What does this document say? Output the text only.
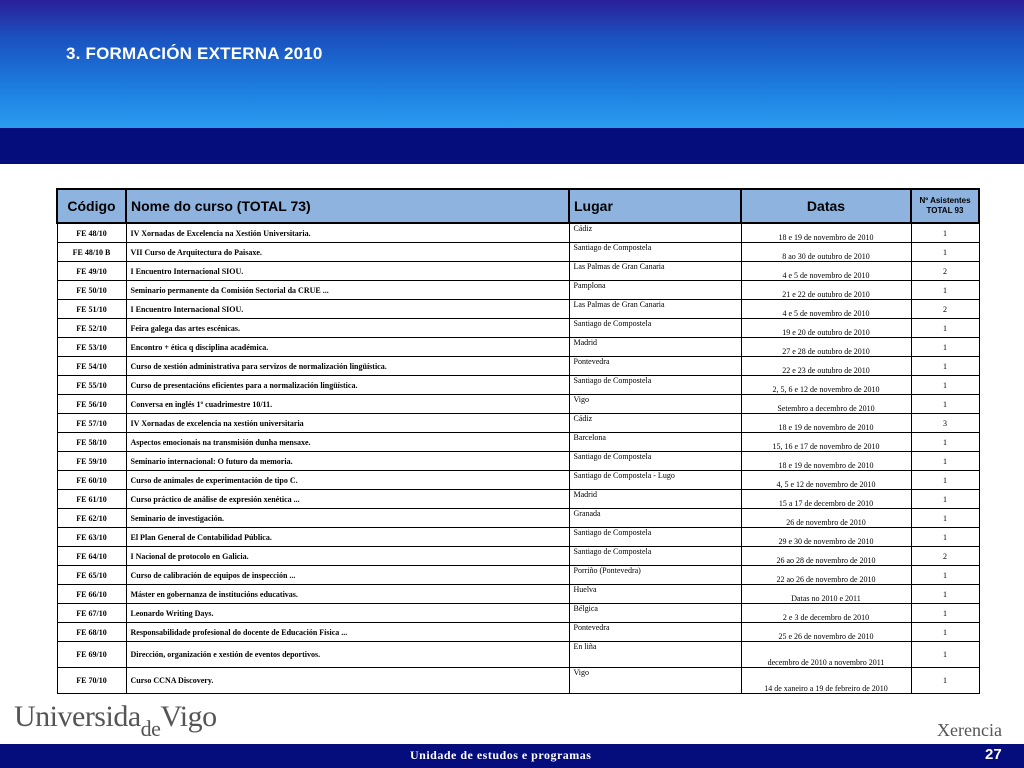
3. FORMACIÓN EXTERNA 2010
Código	Nome do curso (TOTAL 73)	Lugar	Datas	Nº Asistentes
TOTAL 93
FE 48/10	IV Xornadas de Excelencia na Xestión Universitaria.	Cádiz	18 e 19 de novembro de 2010	1
FE 48/10 B	VII Curso de Arquitectura do Paisaxe.	Santiago de Compostela	8 ao 30 de outubro de 2010	1
FE 49/10	I Encuentro Internacional SIOU.	Las Palmas de Gran Canaria	4 e 5 de novembro de 2010	2
FE 50/10	Seminario permanente da Comisión Sectorial da CRUE ...	Pamplona	21 e 22 de outubro de 2010	1
FE 51/10	I Encuentro Internacional SIOU.	Las Palmas de Gran Canaria	4 e 5 de novembro de 2010	2
FE 52/10	Feira galega das artes escénicas.	Santiago de Compostela	19 e 20 de outubro de 2010	1
FE 53/10	Encontro + ética q disciplina académica.	Madrid	27 e 28 de outubro de 2010	1
FE 54/10	Curso de xestión administrativa para servizos de normalización lingüística.	Pontevedra	22 e 23 de outubro de 2010	1
FE 55/10	Curso de presentacións eficientes para a normalización lingüística.	Santiago de Compostela	2, 5, 6 e 12 de novembro de 2010	1
FE 56/10	Conversa en inglés 1º cuadrimestre 10/11.	Vigo	Setembro a decembro de 2010	1
FE 57/10	IV Xornadas de excelencia na xestión universitaria	Cádiz	18 e 19 de novembro de 2010	3
FE 58/10	Aspectos emocionais na transmisión dunha mensaxe.	Barcelona	15, 16 e 17 de novembro de 2010	1
FE 59/10	Seminario internacional: O futuro da memoria.	Santiago de Compostela	18 e 19 de novembro de 2010	1
FE 60/10	Curso de animales de experimentación de tipo C.	Santiago de Compostela - Lugo	4, 5 e 12 de novembro de 2010	1
FE 61/10	Curso práctico de análise de expresión xenética ...	Madrid	15 a 17 de decembro de 2010	1
FE 62/10	Seminario de investigación.	Granada	26 de novembro de 2010	1
FE 63/10	El Plan General de Contabilidad Pública.	Santiago de Compostela	29 e 30 de novembro de 2010	1
FE 64/10	I Nacional de protocolo en Galicia.	Santiago de Compostela	26 ao 28 de novembro de 2010	2
FE 65/10	Curso de calibración de equipos de inspección ...	Porriño (Pontevedra)	22 ao 26 de novembro de 2010	1
FE 66/10	Máster en gobernanza de institucións educativas.	Huelva	Datas no 2010 e 2011	1
FE 67/10	Leonardo Writing Days.	Bélgica	2 e 3 de decembro de 2010	1
FE 68/10	Responsabilidade profesional do docente de Educación Física ...	Pontevedra	25 e 26 de novembro de 2010	1
FE 69/10	Dirección, organización e xestión de eventos deportivos.	En liña	decembro de 2010 a novembro 2011	1
FE 70/10	Curso CCNA Discovery.	Vigo	14 de xaneiro a 19 de febreiro de 2010	1
Universida$_{de}$Vigo	Xerencia
Unidade de estudos e programas	27
